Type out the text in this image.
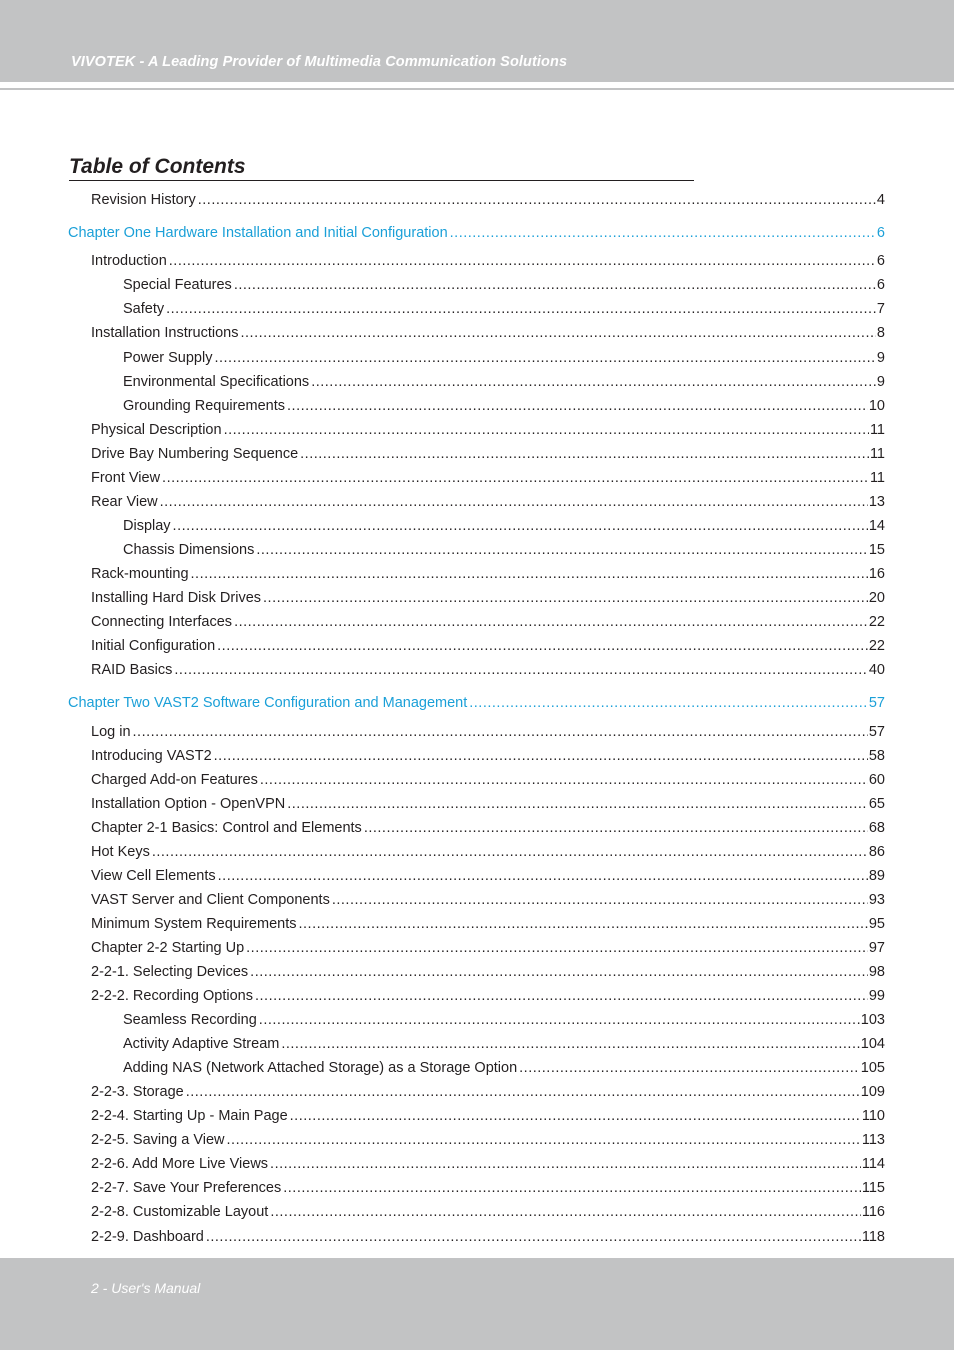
VIVOTEK - A Leading Provider of Multimedia Communication Solutions
Table of Contents
Revision History .....	4
Chapter One Hardware Installation and Initial Configuration .....	6
Introduction .....	6
Special Features .....	6
Safety .....	7
Installation Instructions .....	8
Power Supply .....	9
Environmental Specifications .....	9
Grounding Requirements .....	10
Physical Description .....	11
Drive Bay Numbering Sequence .....	11
Front View .....	11
Rear View .....	13
Display .....	14
Chassis Dimensions .....	15
Rack-mounting .....	16
Installing Hard Disk Drives .....	20
Connecting Interfaces .....	22
Initial Configuration .....	22
RAID Basics .....	40
Chapter Two VAST2 Software Configuration and Management .....	57
Log in .....	57
Introducing VAST2 .....	58
Charged Add-on Features .....	60
Installation Option - OpenVPN .....	65
Chapter 2-1 Basics: Control and Elements .....	68
Hot Keys .....	86
View Cell Elements .....	89
VAST Server and Client Components .....	93
Minimum System Requirements .....	95
Chapter 2-2 Starting Up .....	97
2-2-1. Selecting Devices .....	98
2-2-2. Recording Options .....	99
Seamless Recording .....	103
Activity Adaptive Stream .....	104
Adding NAS (Network Attached Storage) as a Storage Option .....	105
2-2-3. Storage .....	109
2-2-4. Starting Up - Main Page .....	110
2-2-5. Saving a View .....	113
2-2-6. Add More Live Views .....	114
2-2-7. Save Your Preferences .....	115
2-2-8. Customizable Layout .....	116
2-2-9. Dashboard .....	118
2 - User's Manual
